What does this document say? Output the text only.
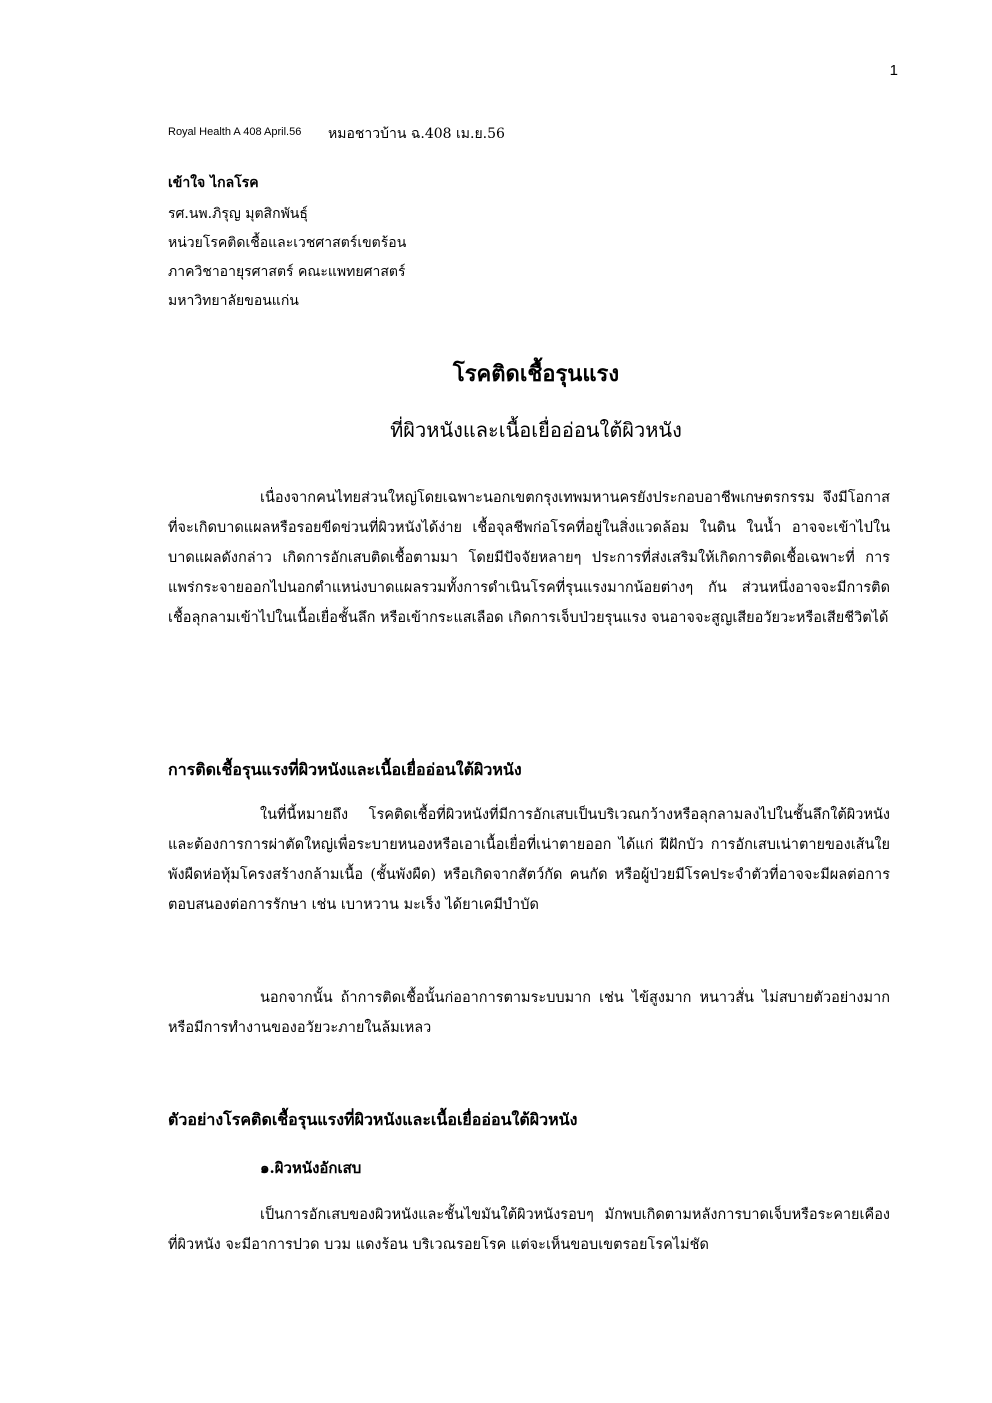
1
Royal Health A 408 April.56 หมอชาวบ้าน ฉ.408 เม.ย.56
เข้าใจ ไกลโรค
รศ.นพ.ภิรุญ มุตสิกพันธุ์
หน่วยโรคติดเชื้อและเวชศาสตร์เขตร้อน
ภาควิชาอายุรศาสตร์ คณะแพทยศาสตร์
มหาวิทยาลัยขอนแก่น
โรคติดเชื้อรุนแรง
ที่ผิวหนังและเนื้อเยื่ออ่อนใต้ผิวหนัง
เนื่องจากคนไทยส่วนใหญ่โดยเฉพาะนอกเขตกรุงเทพมหานครยังประกอบอาชีพเกษตรกรรม จึงมีโอกาสที่จะเกิดบาดแผลหรือรอยขีดข่วนที่ผิวหนังได้ง่าย เชื้อจุลชีพก่อโรคที่อยู่ในสิ่งแวดล้อม ในดิน ในน้ำ อาจจะเข้าไปในบาดแผลดังกล่าว เกิดการอักเสบติดเชื้อตามมา โดยมีปัจจัยหลายๆ ประการที่ส่งเสริมให้เกิดการติดเชื้อเฉพาะที่ การแพร่กระจายออกไปนอกตำแหน่งบาดแผลรวมทั้งการดำเนินโรคที่รุนแรงมากน้อยต่างๆ กัน ส่วนหนึ่งอาจจะมีการติดเชื้อลุกลามเข้าไปในเนื้อเยื่อชั้นลึก หรือเข้ากระแสเลือด เกิดการเจ็บป่วยรุนแรง จนอาจจะสูญเสียอวัยวะหรือเสียชีวิตได้
การติดเชื้อรุนแรงที่ผิวหนังและเนื้อเยื่ออ่อนใต้ผิวหนัง
ในที่นี้หมายถึง โรคติดเชื้อที่ผิวหนังที่มีการอักเสบเป็นบริเวณกว้างหรือลุกลามลงไปในชั้นลึกใต้ผิวหนังและต้องการการผ่าตัดใหญ่เพื่อระบายหนองหรือเอาเนื้อเยื่อที่เน่าตายออก ได้แก่ ฝีฝักบัว การอักเสบเน่าตายของเส้นใยพังผืดห่อหุ้มโครงสร้างกล้ามเนื้อ (ชั้นพังผืด) หรือเกิดจากสัตว์กัด คนกัด หรือผู้ป่วยมีโรคประจำตัวที่อาจจะมีผลต่อการตอบสนองต่อการรักษา เช่น เบาหวาน มะเร็ง ได้ยาเคมีบำบัด
นอกจากนั้น ถ้าการติดเชื้อนั้นก่ออาการตามระบบมาก เช่น ไข้สูงมาก หนาวสั่น ไม่สบายตัวอย่างมาก หรือมีการทำงานของอวัยวะภายในล้มเหลว
ตัวอย่างโรคติดเชื้อรุนแรงที่ผิวหนังและเนื้อเยื่ออ่อนใต้ผิวหนัง
๑.ผิวหนังอักเสบ
เป็นการอักเสบของผิวหนังและชั้นไขมันใต้ผิวหนังรอบๆ มักพบเกิดตามหลังการบาดเจ็บหรือระคายเคืองที่ผิวหนัง จะมีอาการปวด บวม แดงร้อน บริเวณรอยโรค แต่จะเห็นขอบเขตรอยโรคไม่ชัด
